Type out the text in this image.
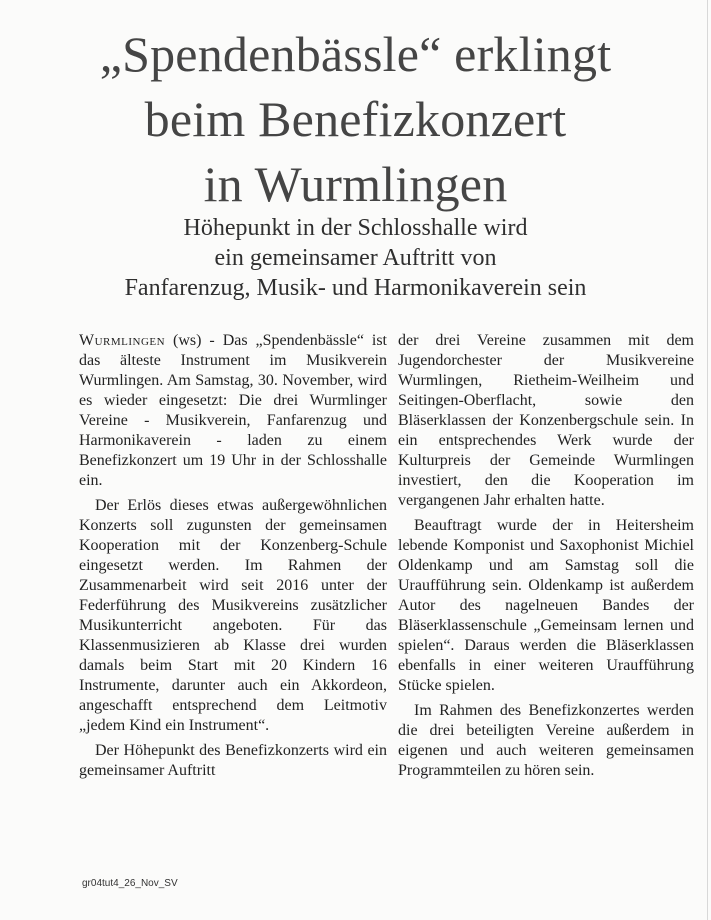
„Spendenbässle“ erklingt
beim Benefizkonzert
in Wurmlingen
Höhepunkt in der Schlosshalle wird
ein gemeinsamer Auftritt von
Fanfarenzug, Musik- und Harmonikaverein sein

Wurmlingen (ws) - Das „Spendenbässle“ ist das älteste Instrument im Musikverein Wurmlingen. Am Samstag, 30. November, wird es wieder eingesetzt: Die drei Wurmlinger Vereine - Musikverein, Fanfarenzug und Harmonikaverein - laden zu einem Benefizkonzert um 19 Uhr in der Schlosshalle ein.

Der Erlös dieses etwas außergewöhnlichen Konzerts soll zugunsten der gemeinsamen Kooperation mit der Konzenberg-Schule eingesetzt werden. Im Rahmen der Zusammenarbeit wird seit 2016 unter der Federführung des Musikvereins zusätzlicher Musikunterricht angeboten. Für das Klassenmusizieren ab Klasse drei wurden damals beim Start mit 20 Kindern 16 Instrumente, darunter auch ein Akkordeon, angeschafft entsprechend dem Leitmotiv „jedem Kind ein Instrument“.

Der Höhepunkt des Benefizkonzerts wird ein gemeinsamer Auftritt

der drei Vereine zusammen mit dem Jugendorchester der Musikvereine Wurmlingen, Rietheim-Weilheim und Seitingen-Oberflacht, sowie den Bläserklassen der Konzenbergschule sein. In ein entsprechendes Werk wurde der Kulturpreis der Gemeinde Wurmlingen investiert, den die Kooperation im vergangenen Jahr erhalten hatte.

Beauftragt wurde der in Heitersheim lebende Komponist und Saxophonist Michiel Oldenkamp und am Samstag soll die Uraufführung sein. Oldenkamp ist außerdem Autor des nagelneuen Bandes der Bläserklassenschule „Gemeinsam lernen und spielen“. Daraus werden die Bläserklassen ebenfalls in einer weiteren Uraufführung Stücke spielen.

Im Rahmen des Benefizkonzertes werden die drei beteiligten Vereine außerdem in eigenen und auch weiteren gemeinsamen Programmteilen zu hören sein.

gr04tut4_26_Nov_SV
